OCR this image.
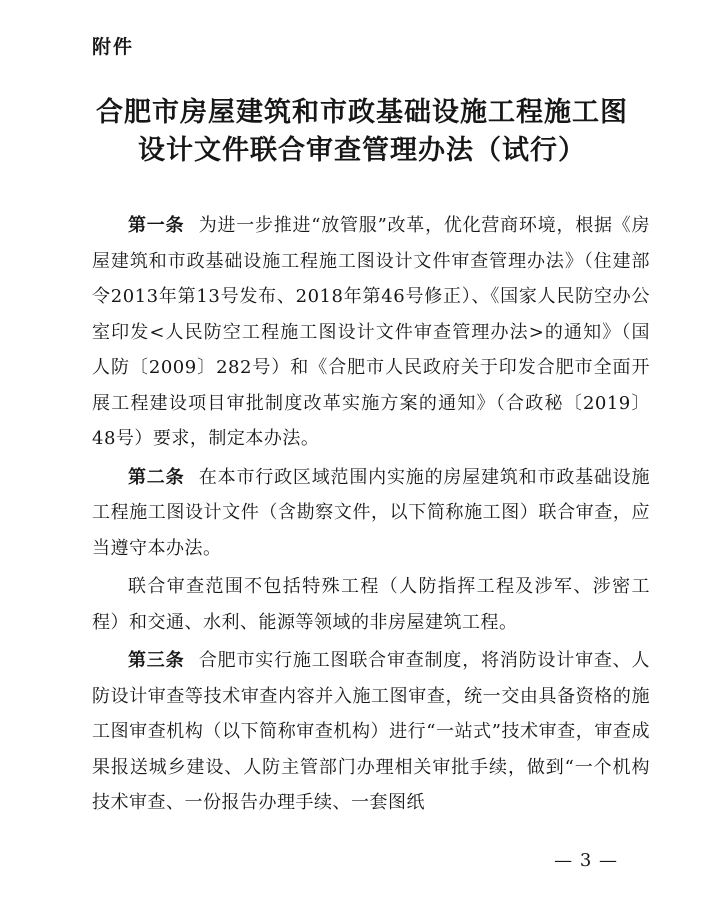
附件
合肥市房屋建筑和市政基础设施工程施工图
设计文件联合审查管理办法（试行）

第一条 为进一步推进“放管服”改革，优化营商环境，根据《房屋建筑和市政基础设施工程施工图设计文件审查管理办法》（住建部令2013年第13号发布、2018年第46号修正）、《国家人民防空办公室印发<人民防空工程施工图设计文件审查管理办法>的通知》（国人防〔2009〕282号）和《合肥市人民政府关于印发合肥市全面开展工程建设项目审批制度改革实施方案的通知》（合政秘〔2019〕48号）要求，制定本办法。

第二条 在本市行政区域范围内实施的房屋建筑和市政基础设施工程施工图设计文件（含勘察文件，以下简称施工图）联合审查，应当遵守本办法。

联合审查范围不包括特殊工程（人防指挥工程及涉军、涉密工程）和交通、水利、能源等领域的非房屋建筑工程。

第三条 合肥市实行施工图联合审查制度，将消防设计审查、人防设计审查等技术审查内容并入施工图审查，统一交由具备资格的施工图审查机构（以下简称审查机构）进行“一站式”技术审查，审查成果报送城乡建设、人防主管部门办理相关审批手续，做到“一个机构技术审查、一份报告办理手续、一套图纸

— 3 —
